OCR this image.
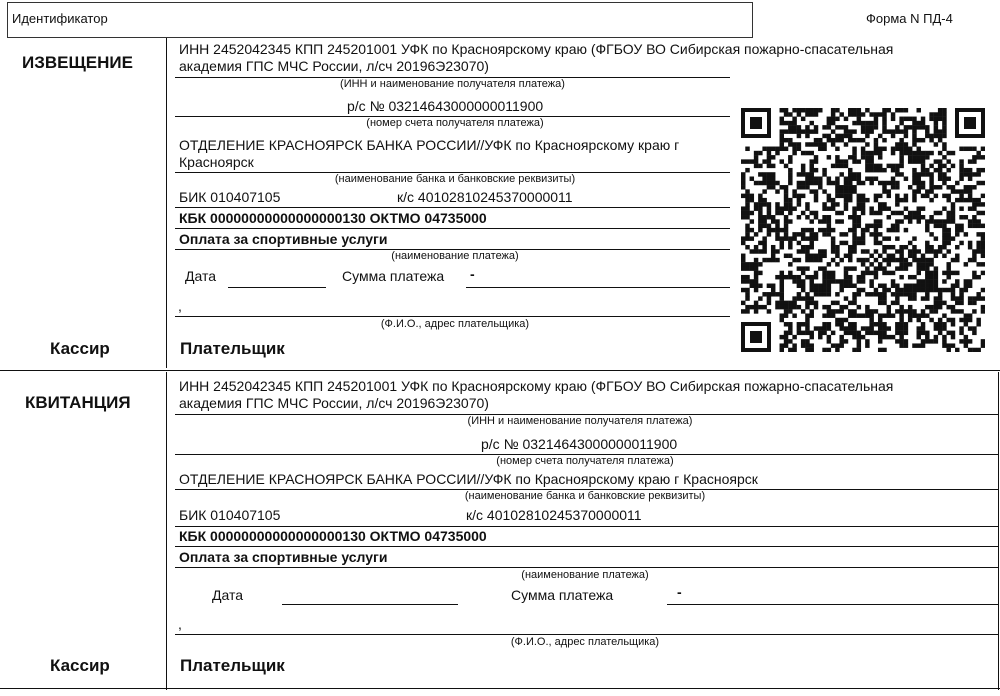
Идентификатор	Форма N ПД-4
ИЗВЕЩЕНИЕ
ИНН 2452042345 КПП 245201001 УФК по Красноярскому краю (ФГБОУ ВО Сибирская пожарно-спасательная
академия ГПС МЧС России, л/сч 20196Э23070)
(ИНН и наименование получателя платежа)
р/с № 03214643000000011900
(номер счета получателя платежа)
ОТДЕЛЕНИЕ КРАСНОЯРСК БАНКА РОССИИ//УФК по Красноярскому краю г
Красноярск
(наименование банка и банковские реквизиты)
БИК 010407105	к/с 40102810245370000011
КБК 00000000000000000130 ОКТМО 04735000
Оплата за спортивные услуги
(наименование платежа)
Дата	Сумма платежа -
,
(Ф.И.О., адрес плательщика)
Кассир	Плательщик
КВИТАНЦИЯ
ИНН 2452042345 КПП 245201001 УФК по Красноярскому краю (ФГБОУ ВО Сибирская пожарно-спасательная
академия ГПС МЧС России, л/сч 20196Э23070)
(ИНН и наименование получателя платежа)
р/с № 03214643000000011900
(номер счета получателя платежа)
ОТДЕЛЕНИЕ КРАСНОЯРСК БАНКА РОССИИ//УФК по Красноярскому краю г Красноярск
(наименование банка и банковские реквизиты)
БИК 010407105	к/с 40102810245370000011
КБК 00000000000000000130 ОКТМО 04735000
Оплата за спортивные услуги
(наименование платежа)
Дата	Сумма платежа	-
,
(Ф.И.О., адрес плательщика)
Кассир	Плательщик
